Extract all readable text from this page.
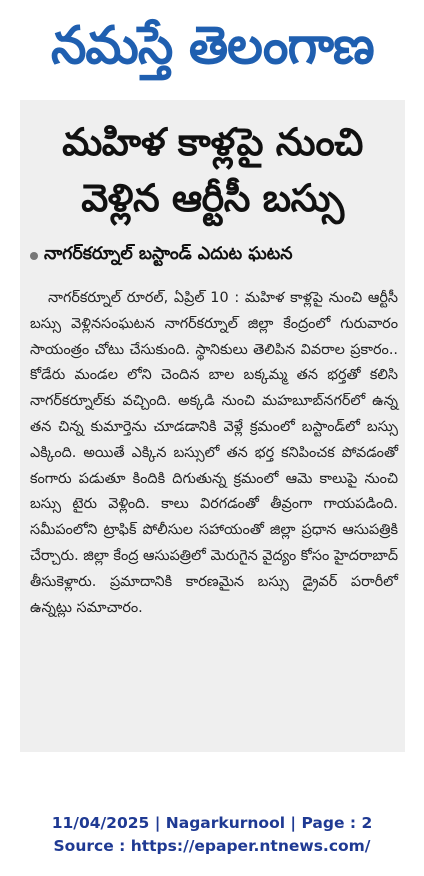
నమస్తే తెలంగాణ
మహిళ కాళ్లపై నుంచి
వెళ్లిన ఆర్టీసీ బస్సు
నాగర్‌కర్నూల్ బస్టాండ్ ఎదుట ఘటన

నాగర్‌కర్నూల్ రూరల్, ఏప్రిల్ 10 : మహిళ కాళ్లపై నుంచి ఆర్టీసీ బస్సు వెళ్లినసంఘటన నాగర్‌కర్నూల్ జిల్లా కేంద్రంలో గురువారం సాయంత్రం చోటు చేసుకుంది. స్థానికులు తెలిపిన వివరాల ప్రకారం.. కోడేరు మండల లోని చెందిన బాల బక్కమ్మ తన భర్తతో కలిసి నాగర్‌కర్నూల్‌కు వచ్చింది. అక్కడి నుంచి మహబూబ్‌నగర్‌లో ఉన్న తన చిన్న కుమార్తెను చూడడానికి వెళ్లే క్రమంలో బస్టాండ్‌లో బస్సు ఎక్కింది. అయితే ఎక్కిన బస్సులో తన భర్త కనిపించక పోవడంతో కంగారు పడుతూ కిందికి దిగుతున్న క్రమంలో ఆమె కాలుపై నుంచి బస్సు టైరు వెళ్లింది. కాలు విరగడంతో తీవ్రంగా గాయపడింది. సమీపంలోని ట్రాఫిక్ పోలీసుల సహాయంతో జిల్లా ప్రధాన ఆసుపత్రికి చేర్చారు. జిల్లా కేంద్ర ఆసుపత్రిలో మెరుగైన వైద్యం కోసం హైదరాబాద్ తీసుకెళ్లారు. ప్రమాదానికి కారణమైన బస్సు డ్రైవర్ పరారీలో ఉన్నట్లు సమాచారం.

11/04/2025 | Nagarkurnool | Page : 2
Source : https://epaper.ntnews.com/
